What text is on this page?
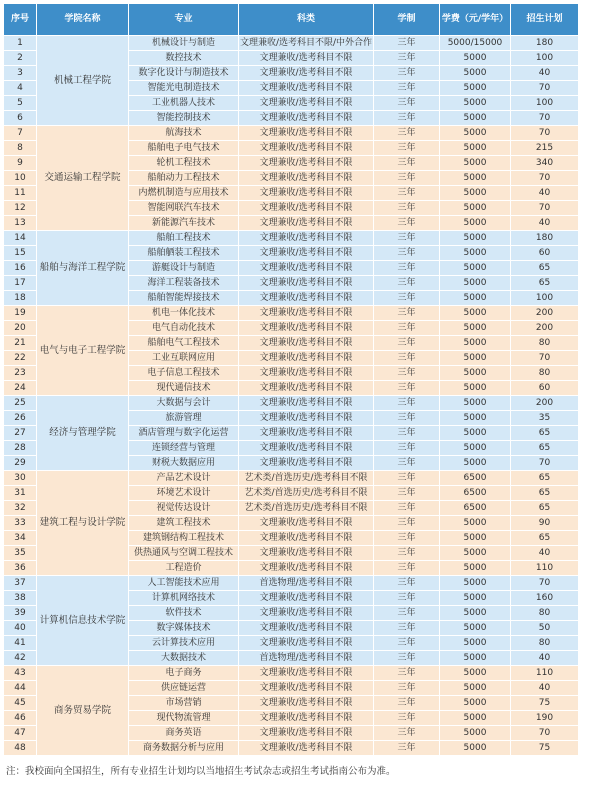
序号	学院名称	专业	科类	学制	学费（元/学年）	招生计划
1	机械工程学院	机械设计与制造	文理兼收/选考科目不限/中外合作	三年	5000/15000	180
2		数控技术	文理兼收/选考科目不限	三年	5000	100
3		数字化设计与制造技术	文理兼收/选考科目不限	三年	5000	40
4		智能光电制造技术	文理兼收/选考科目不限	三年	5000	70
5		工业机器人技术	文理兼收/选考科目不限	三年	5000	100
6		智能控制技术	文理兼收/选考科目不限	三年	5000	70
7	交通运输工程学院	航海技术	文理兼收/选考科目不限	三年	5000	70
8		船舶电子电气技术	文理兼收/选考科目不限	三年	5000	215
9		轮机工程技术	文理兼收/选考科目不限	三年	5000	340
10		船舶动力工程技术	文理兼收/选考科目不限	三年	5000	70
11		内燃机制造与应用技术	文理兼收/选考科目不限	三年	5000	40
12		智能网联汽车技术	文理兼收/选考科目不限	三年	5000	70
13		新能源汽车技术	文理兼收/选考科目不限	三年	5000	40
14	船舶与海洋工程学院	船舶工程技术	文理兼收/选考科目不限	三年	5000	180
15		船舶舾装工程技术	文理兼收/选考科目不限	三年	5000	60
16		游艇设计与制造	文理兼收/选考科目不限	三年	5000	65
17		海洋工程装备技术	文理兼收/选考科目不限	三年	5000	65
18		船舶智能焊接技术	文理兼收/选考科目不限	三年	5000	100
19	电气与电子工程学院	机电一体化技术	文理兼收/选考科目不限	三年	5000	200
20		电气自动化技术	文理兼收/选考科目不限	三年	5000	200
21		船舶电气工程技术	文理兼收/选考科目不限	三年	5000	80
22		工业互联网应用	文理兼收/选考科目不限	三年	5000	70
23		电子信息工程技术	文理兼收/选考科目不限	三年	5000	80
24		现代通信技术	文理兼收/选考科目不限	三年	5000	60
25	经济与管理学院	大数据与会计	文理兼收/选考科目不限	三年	5000	200
26		旅游管理	文理兼收/选考科目不限	三年	5000	35
27		酒店管理与数字化运营	文理兼收/选考科目不限	三年	5000	65
28		连锁经营与管理	文理兼收/选考科目不限	三年	5000	65
29		财税大数据应用	文理兼收/选考科目不限	三年	5000	70
30	建筑工程与设计学院	产品艺术设计	艺术类/首选历史/选考科目不限	三年	6500	65
31		环境艺术设计	艺术类/首选历史/选考科目不限	三年	6500	65
32		视觉传达设计	艺术类/首选历史/选考科目不限	三年	6500	65
33		建筑工程技术	文理兼收/选考科目不限	三年	5000	90
34		建筑钢结构工程技术	文理兼收/选考科目不限	三年	5000	65
35		供热通风与空调工程技术	文理兼收/选考科目不限	三年	5000	40
36		工程造价	文理兼收/选考科目不限	三年	5000	110
37	计算机信息技术学院	人工智能技术应用	首选物理/选考科目不限	三年	5000	70
38		计算机网络技术	文理兼收/选考科目不限	三年	5000	160
39		软件技术	文理兼收/选考科目不限	三年	5000	80
40		数字媒体技术	文理兼收/选考科目不限	三年	5000	50
41		云计算技术应用	文理兼收/选考科目不限	三年	5000	80
42		大数据技术	首选物理/选考科目不限	三年	5000	40
43	商务贸易学院	电子商务	文理兼收/选考科目不限	三年	5000	110
44		供应链运营	文理兼收/选考科目不限	三年	5000	40
45		市场营销	文理兼收/选考科目不限	三年	5000	75
46		现代物流管理	文理兼收/选考科目不限	三年	5000	190
47		商务英语	文理兼收/选考科目不限	三年	5000	70
48		商务数据分析与应用	文理兼收/选考科目不限	三年	5000	75
注：我校面向全国招生，所有专业招生计划均以当地招生考试杂志或招生考试指南公布为准。
